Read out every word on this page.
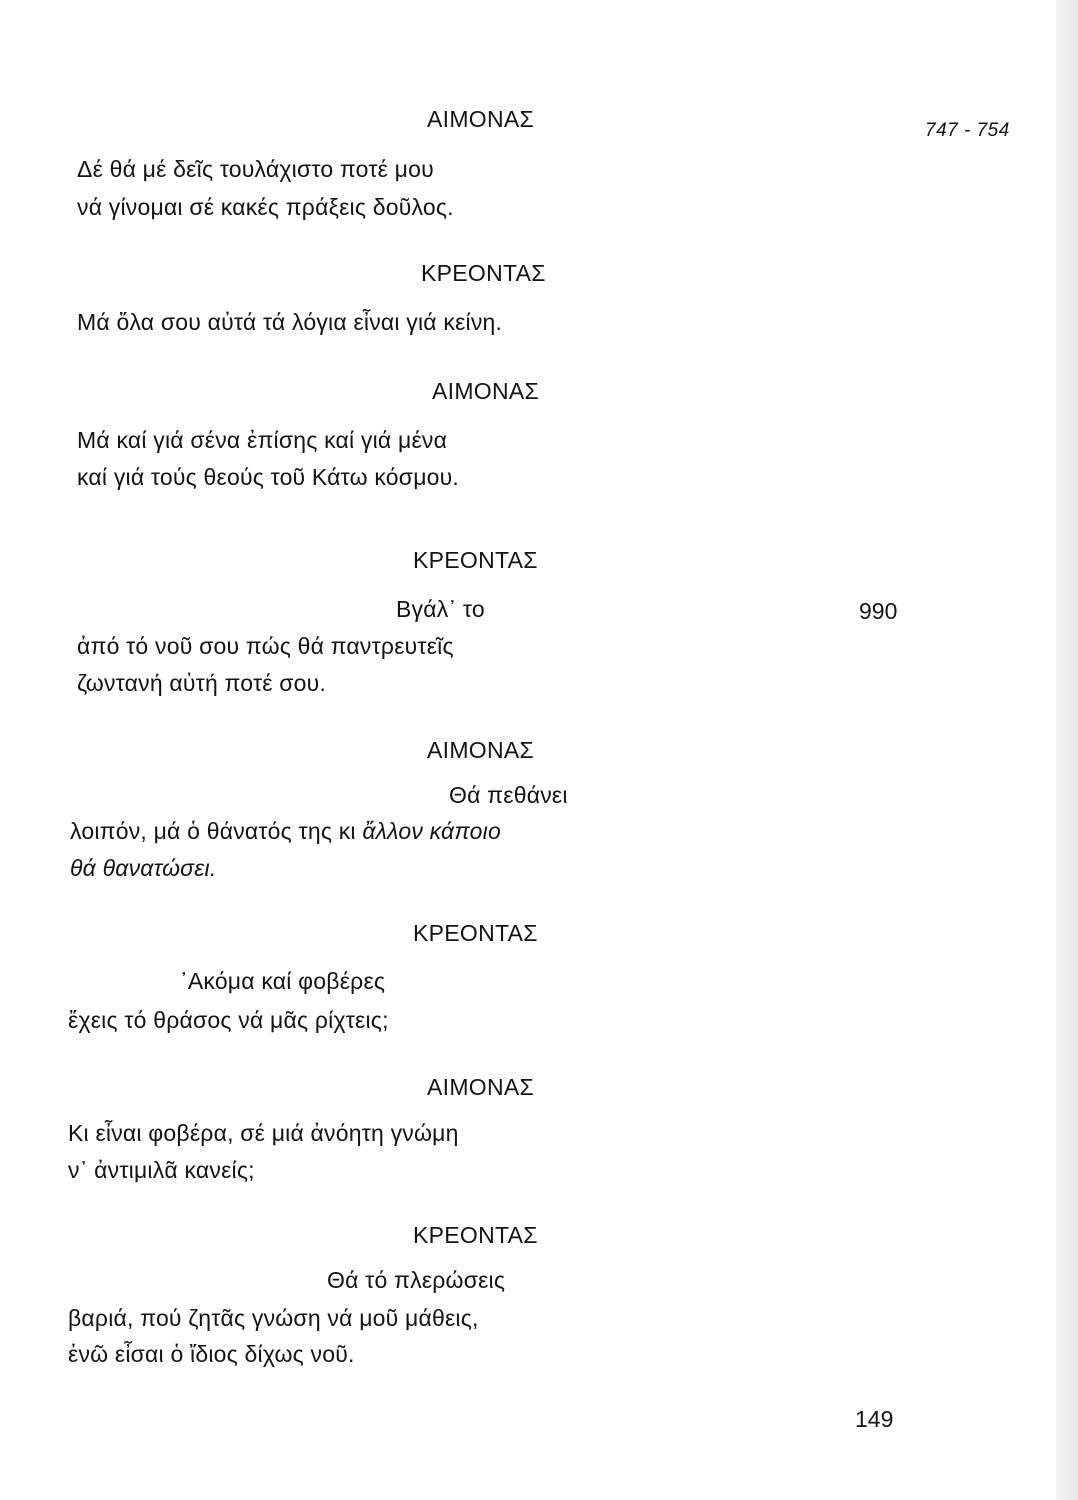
747 - 754
990
149
ΑΙΜΟΝΑΣ
Δέ θά μέ δεῖς τουλάχιστο ποτέ μου
νά γίνομαι σέ κακές πράξεις δοῦλος.
ΚΡΕΟΝΤΑΣ
Μά ὅλα σου αὐτά τά λόγια εἶναι γιά κείνη.
ΑΙΜΟΝΑΣ
Μά καί γιά σένα ἐπίσης καί γιά μένα
καί γιά τούς θεούς τοῦ Κάτω κόσμου.
ΚΡΕΟΝΤΑΣ
Βγάλ᾿ το
ἀπό τό νοῦ σου πώς θά παντρευτεῖς
ζωντανή αὐτή ποτέ σου.
ΑΙΜΟΝΑΣ
Θά πεθάνει
λοιπόν, μά ὁ θάνατός της κι ἄλλον κάποιο
θά θανατώσει.
ΚΡΕΟΝΤΑΣ
᾿Ακόμα καί φοβέρες
ἔχεις τό θράσος νά μᾶς ρίχτεις;
ΑΙΜΟΝΑΣ
Κι εἶναι φοβέρα, σέ μιά ἀνόητη γνώμη
ν᾿ ἀντιμιλᾶ κανείς;
ΚΡΕΟΝΤΑΣ
Θά τό πλερώσεις
βαριά, πού ζητᾶς γνώση νά μοῦ μάθεις,
ἐνῶ εἶσαι ὁ ἴδιος δίχως νοῦ.
